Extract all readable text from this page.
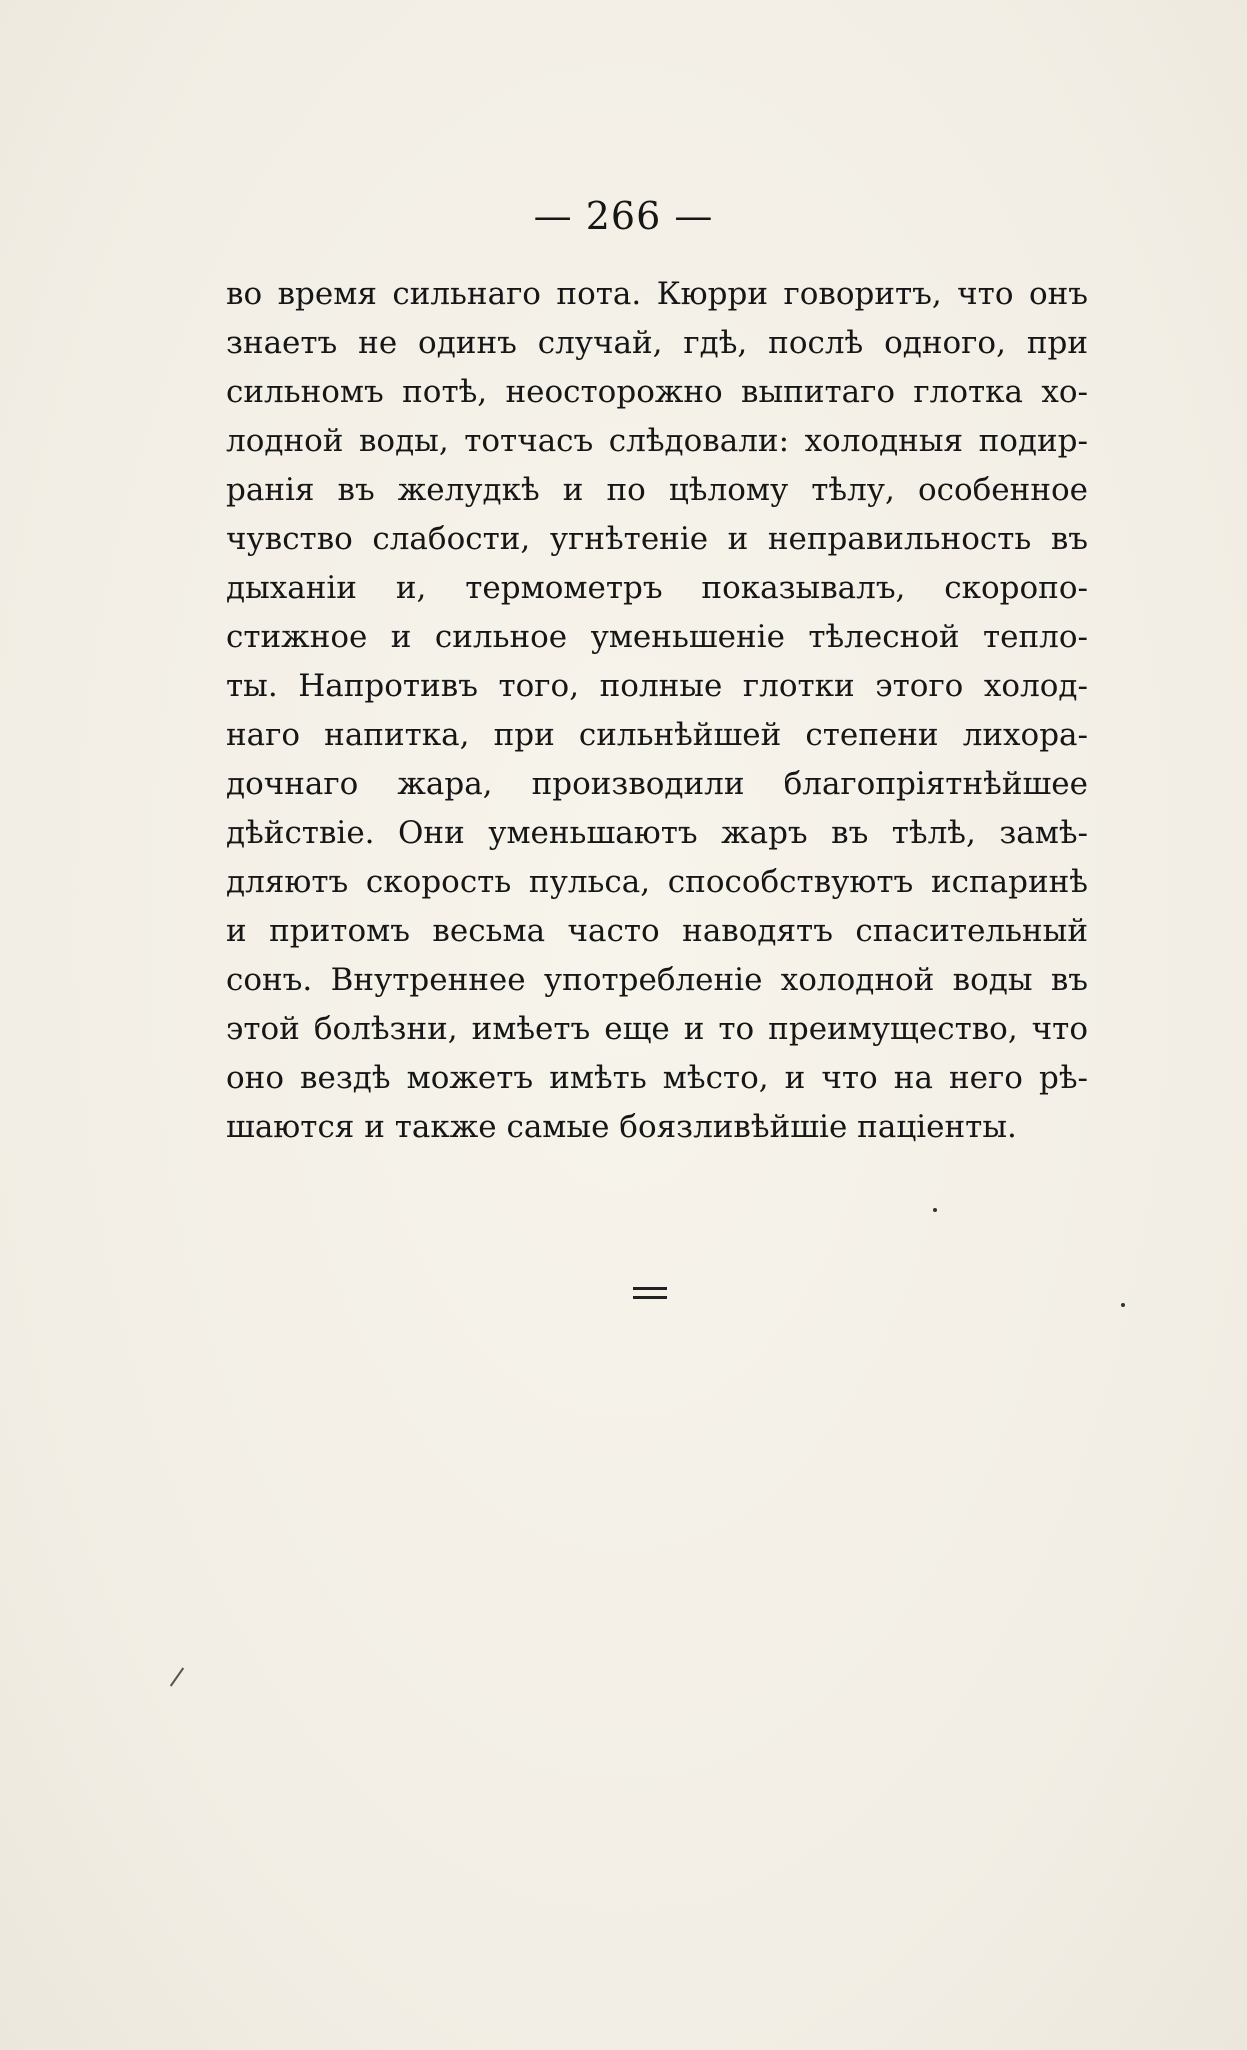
— 266 —
во время сильнаго пота. Кюрри говоритъ, что онъ
знаетъ не одинъ случай, гдѣ, послѣ одного, при
сильномъ потѣ, неосторожно выпитаго глотка хо-
лодной воды, тотчасъ слѣдовали: холодныя подир-
ранія въ желудкѣ и по цѣлому тѣлу, особенное
чувство слабости, угнѣтеніе и неправильность въ
дыханіи и, термометръ показывалъ, скоропо-
стижное и сильное уменьшеніе тѣлесной тепло-
ты. Напротивъ того, полные глотки этого холод-
наго напитка, при сильнѣйшей степени лихора-
дочнаго жара, производили благопріятнѣйшее
дѣйствіе. Они уменьшаютъ жаръ въ тѣлѣ, замѣ-
дляютъ скорость пульса, способствуютъ испаринѣ
и притомъ весьма часто наводятъ спасительный
сонъ. Внутреннее употребленіе холодной воды въ
этой болѣзни, имѣетъ еще и то преимущество, что
оно вездѣ можетъ имѣть мѣсто, и что на него рѣ-
шаются и также самые боязливѣйшіе паціенты.
